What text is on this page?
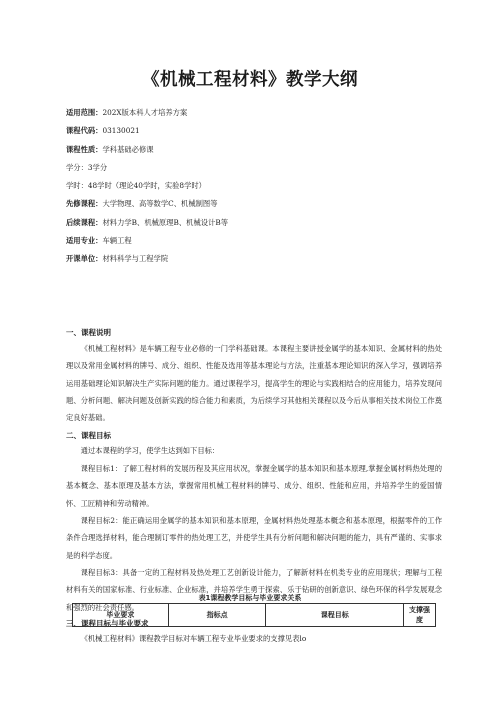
《机械工程材料》教学大纲
适用范围：202X版本科人才培养方案
课程代码：03130021
课程性质：学科基础必修课
学分：3学分
学时：48学时（理论40学时，实验8学时）
先修课程：大学物理、高等数学C、机械制图等
后续课程：材料力学B、机械原理B、机械设计B等
适用专业：车辆工程
开课单位：材料科学与工程学院
一、课程说明

《机械工程材料》是车辆工程专业必修的一门学科基础课。本课程主要讲授金属学的基本知识、金属材料的热处理以及常用金属材料的牌号、成分、组织、性能及选用等基本理论与方法，注重基本理论知识的深入学习，强调培养运用基础理论知识解决生产实际问题的能力。通过课程学习，提高学生的理论与实践相结合的应用能力，培养发现问题、分析问题、解决问题及创新实践的综合能力和素质，为后续学习其他相关课程以及今后从事相关技术岗位工作奠定良好基础。

二、课程目标

通过本课程的学习，使学生达到如下目标：

课程目标1：了解工程材料的发展历程及其应用状况，掌握金属学的基本知识和基本原理,掌握金属材料热处理的基本概念、基本原理及基本方法，掌握常用机械工程材料的牌号、成分、组织、性能和应用，并培养学生的爱国情怀、工匠精神和劳动精神。

课程目标2：能正确运用金属学的基本知识和基本原理，金属材料热处理基本概念和基本原理，根据零件的工作条件合理选择材料，能合理制订零件的热处理工艺，并使学生具有分析问题和解决问题的能力，具有严谨的、实事求是的科学态度。

三、课程目标与毕业要求

《机械工程材料》课程教学目标对车辆工程专业毕业要求的支撑见表lo

表1课程教学目标与毕业要求关系
毕业要求	指标点	课程目标	支撑强度

课程目标3：具备一定的工程材料及热处理工艺创新设计能力，了解新材料在机类专业的应用现状；理解与工程材料有关的国家标准、行业标准、企业标准，并培养学生勇于探索、乐于钻研的创新意识、绿色环保的科学发展观念和强烈的社会责任感。
